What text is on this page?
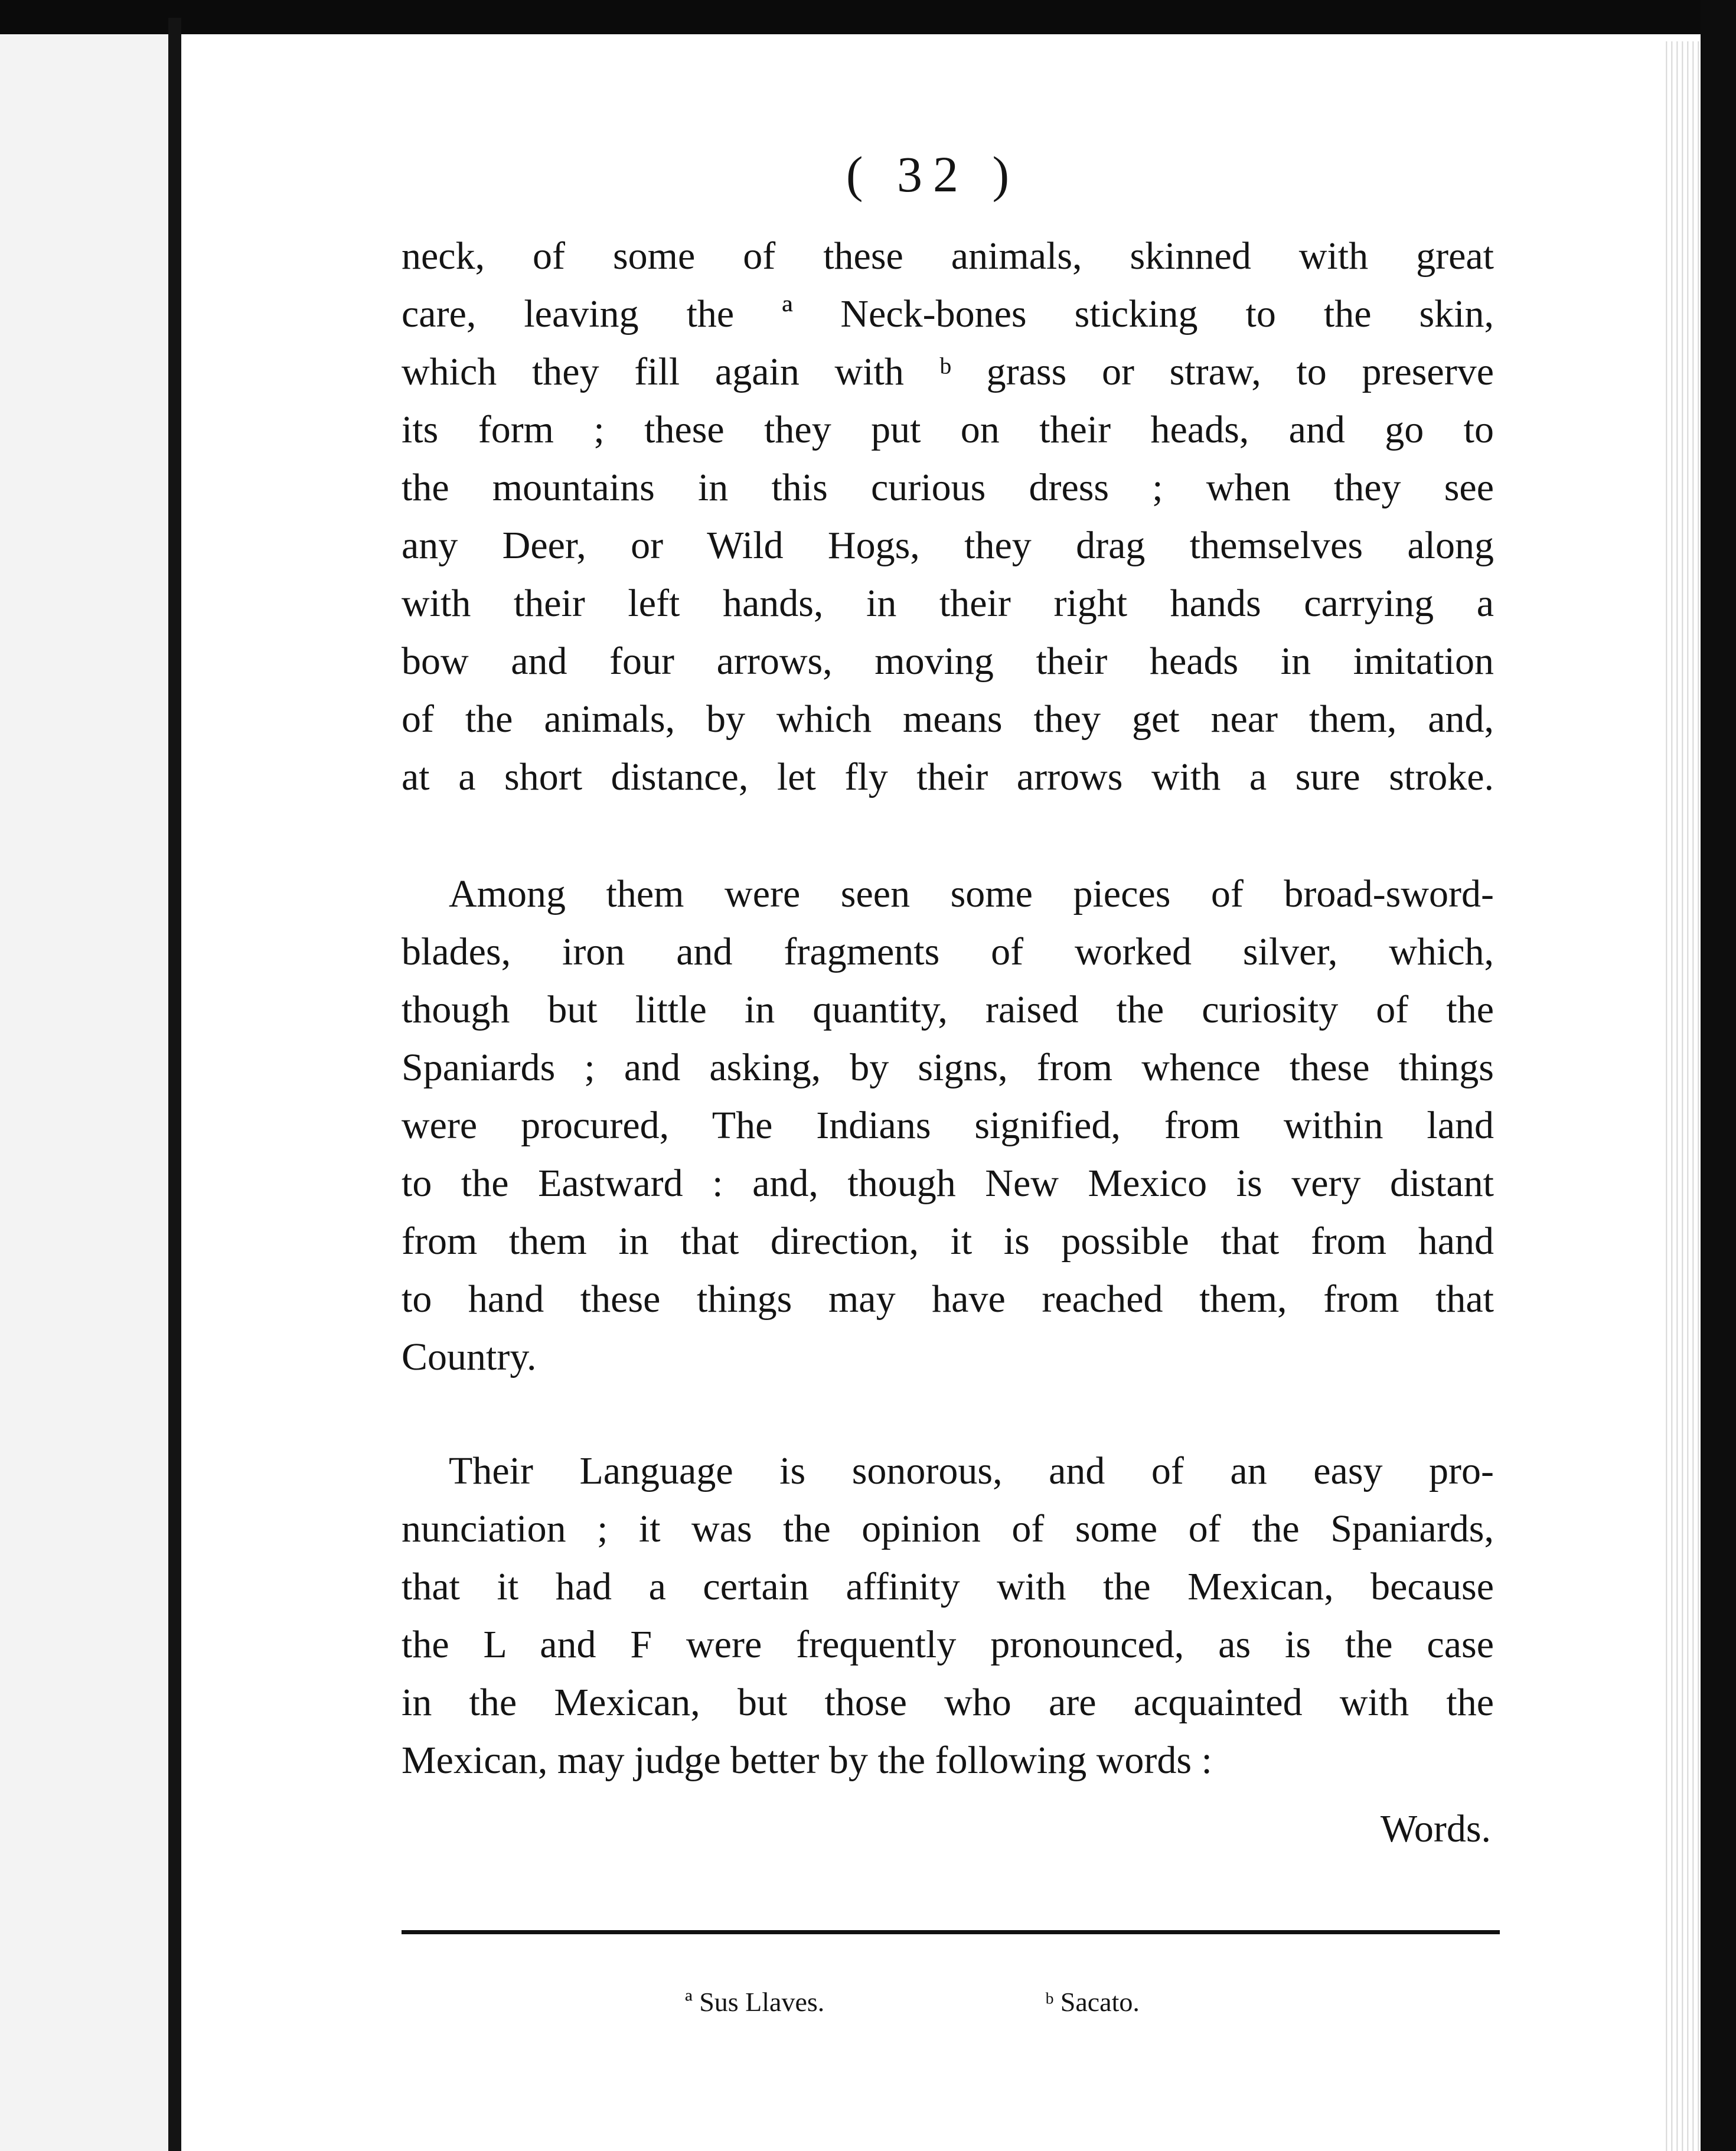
( 32 )
neck, of some of these animals, skinned with great
care, leaving the ª Neck-bones sticking to the skin,
which they fill again with ᵇ grass or straw, to preserve
its form ; these they put on their heads, and go to
the mountains in this curious dress ; when they see
any Deer, or Wild Hogs, they drag themselves along
with their left hands, in their right hands carrying a
bow and four arrows, moving their heads in imitation
of the animals, by which means they get near them, and,
at a short distance, let fly their arrows with a sure stroke.
Among them were seen some pieces of broad-sword-
blades, iron and fragments of worked silver, which,
though but little in quantity, raised the curiosity of the
Spaniards ; and asking, by signs, from whence these things
were procured, The Indians signified, from within land
to the Eastward : and, though New Mexico is very distant
from them in that direction, it is possible that from hand
to hand these things may have reached them, from that
Country.
Their Language is sonorous, and of an easy pro-
nunciation ; it was the opinion of some of the Spaniards,
that it had a certain affinity with the Mexican, because
the L and F were frequently pronounced, as is the case
in the Mexican, but those who are acquainted with the
Mexican, may judge better by the following words :
Words.
ª Sus Llaves.	ᵇ Sacato.
